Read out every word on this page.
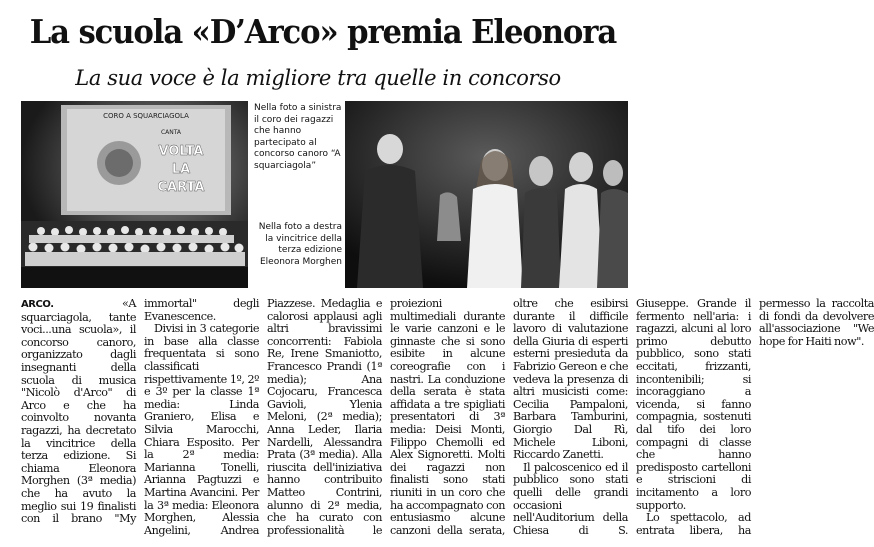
La scuola «D’Arco» premia Eleonora
La sua voce è la migliore tra quelle in concorso
CORO A SQUARCIAGOLA
CANTA
VOLTA
LA
CARTA
Nella foto a sinistra il coro dei ragazzi che hanno partecipato al concorso canoro “A squarciagola”
Nella foto a destra la vincitrice della terza edizione Eleonora Morghen

ARCO.	«A squarciagola, tante voci...una scuola», il concorso canoro, organizzato dagli insegnanti della scuola di musica "Nicolò d'Arco" di Arco e che ha coinvolto novanta ragazzi, ha decretato la vincitrice della terza edizione. Si chiama Eleonora Morghen (3ª media) che ha avuto la meglio sui 19 finalisti con il brano "My immortal" degli Evanescence.

Divisi in 3 categorie in base alla classe frequentata si sono classificati rispettivamente 1º, 2º e 3º per la classe 1ª media: Linda Graniero, Elisa e Silvia Marocchi, Chiara Esposito. Per la 2ª media: Marianna Tonelli, Arianna Pagtuzzi e Martina Avancini. Per la 3ª media: Eleonora Morghen, Alessia Angelini, Andrea Piazzese. Medaglia e calorosi applausi agli altri bravissimi concorrenti: Fabiola Re, Irene Smaniotto, Francesco Prandi (1ª media); Ana Cojocaru, Francesca Gavioli, Ylenia Meloni, (2ª media); Anna Leder, Ilaria Nardelli, Alessandra Prata (3ª media). Alla riuscita dell'iniziativa hanno contribuito Matteo Contrini, alunno di 2ª media, che ha curato con professionalità le proiezioni multimediali durante le varie canzoni e le ginnaste che si sono esibite in alcune coreografie con i nastri. La conduzione della serata è stata affidata a tre spigliati presentatori di 3ª media: Deisi Monti, Filippo Chemolli ed Alex Signoretti. Molti dei ragazzi non finalisti sono stati riuniti in un coro che ha accompagnato con entusiasmo alcune canzoni della serata, oltre che esibirsi durante il difficile lavoro di valutazione della Giuria di esperti esterni presieduta da Fabrizio Gereon e che vedeva la presenza di altri musicisti come: Cecilia Pampaloni, Barbara Tamburini, Giorgio Dal Rì, Michele Liboni, Riccardo Zanetti.

Il palcoscenico ed il pubblico sono stati quelli delle grandi occasioni nell'Auditorium della Chiesa di S. Giuseppe. Grande il fermento nell'aria: i ragazzi, alcuni al loro primo debutto pubblico, sono stati eccitati, frizzanti, incontenibili; si incoraggiano a vicenda, si fanno compagnia, sostenuti dal tifo dei loro compagni di classe che hanno predisposto cartelloni e striscioni di incitamento a loro supporto.

Lo spettacolo, ad entrata libera, ha permesso la raccolta di fondi da devolvere all'associazione "We hope for Haiti now".
